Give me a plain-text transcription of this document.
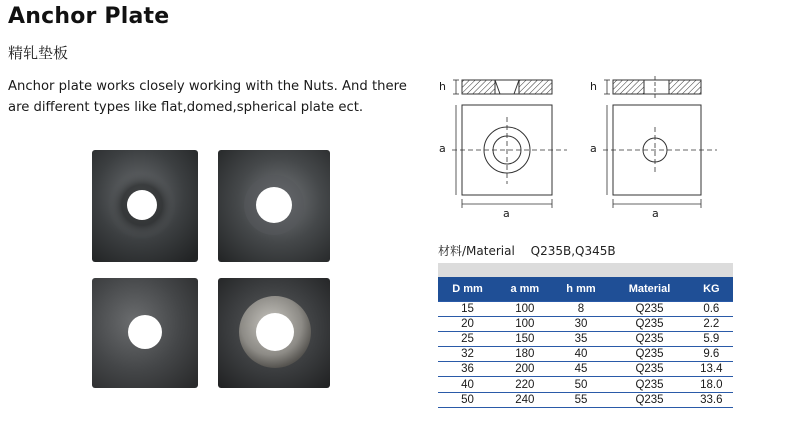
Anchor Plate
精轧垫板
Anchor plate works closely working with the Nuts. And there
are different types like flat,domed,spherical plate ect.
h
a
a
h
a
a
材料/Material Q235B,Q345B
D mm	a mm	h mm	Material	KG
15	100	8	Q235	0.6
20	100	30	Q235	2.2
25	150	35	Q235	5.9
32	180	40	Q235	9.6
36	200	45	Q235	13.4
40	220	50	Q235	18.0
50	240	55	Q235	33.6
